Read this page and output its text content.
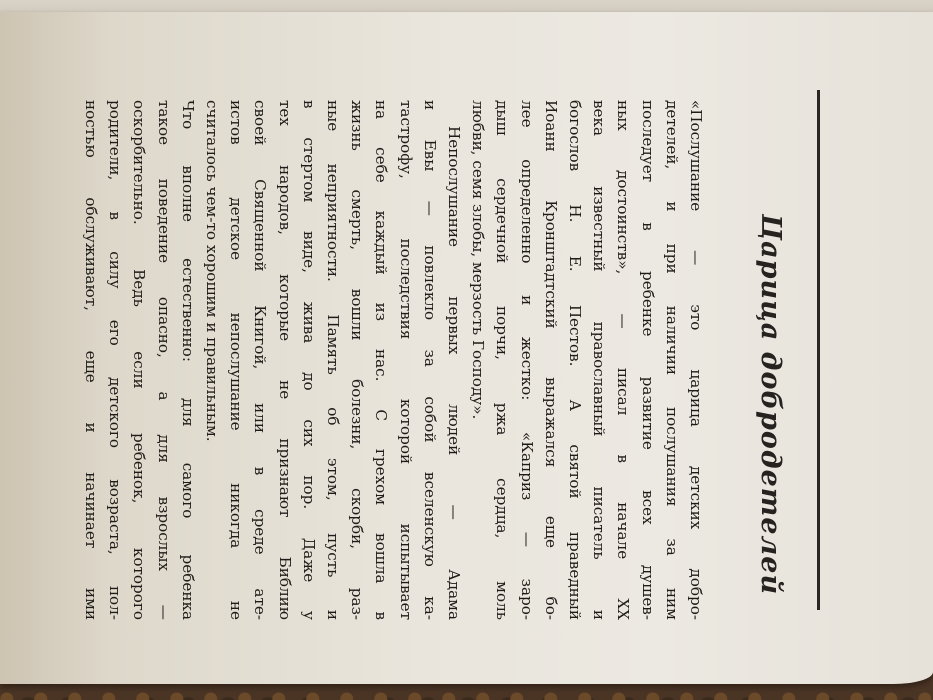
Царица добродетелей
«Послушание — это царица детских добро-
детелей, и при наличии послушания за ним
последует в ребенке развитие всех душев-
ных достоинств», — писал в начале XX
века известный православный писатель и
богослов Н. Е. Пестов. А святой праведный
Иоанн Кронштадтский выражался еще бо-
лее определенно и жестко: «Каприз — заро-
дыш сердечной порчи, ржа сердца, моль
любви, семя злобы, мерзость Господу».
Непослушание первых людей — Адама
и Евы — повлекло за собой вселенскую ка-
тастрофу, последствия которой испытывает
на себе каждый из нас. С грехом вошла в
жизнь смерть, вошли болезни, скорби, раз-
ные неприятности. Память об этом, пусть и
в стертом виде, жива до сих пор. Даже у
тех народов, которые не признают Библию
своей Священной Книгой, или в среде ате-
истов детское непослушание никогда не
считалось чем-то хорошим и правильным.
Что вполне естественно: для самого ребенка
такое поведение опасно, а для взрослых —
оскорбительно. Ведь если ребенок, которого
родители, в силу его детского возраста, пол-
ностью обслуживают, еще и начинает ими
